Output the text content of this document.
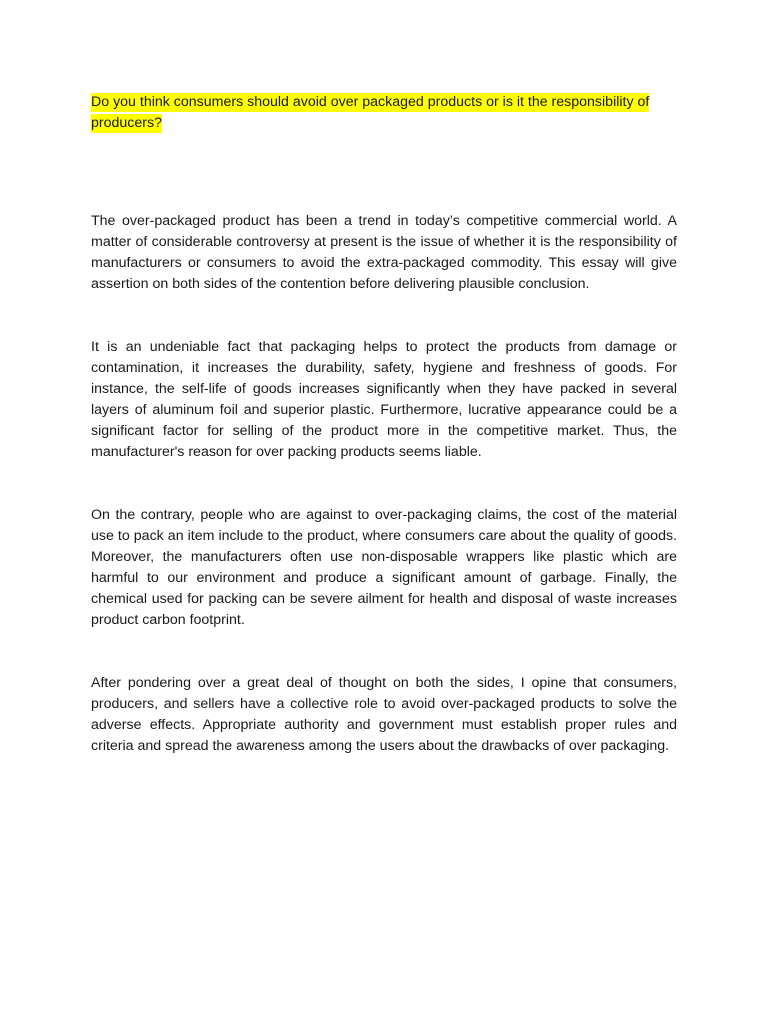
Do you think consumers should avoid over packaged products or is it the responsibility of producers?

The over-packaged product has been a trend in today’s competitive commercial world. A matter of considerable controversy at present is the issue of whether it is the responsibility of manufacturers or consumers to avoid the extra-packaged commodity. This essay will give assertion on both sides of the contention before delivering plausible conclusion.

It is an undeniable fact that packaging helps to protect the products from damage or contamination, it increases the durability, safety, hygiene and freshness of goods. For instance, the self-life of goods increases significantly when they have packed in several layers of aluminum foil and superior plastic. Furthermore, lucrative appearance could be a significant factor for selling of the product more in the competitive market. Thus, the manufacturer's reason for over packing products seems liable.

On the contrary, people who are against to over-packaging claims, the cost of the material use to pack an item include to the product, where consumers care about the quality of goods. Moreover, the manufacturers often use non-disposable wrappers like plastic which are harmful to our environment and produce a significant amount of garbage. Finally, the chemical used for packing can be severe ailment for health and disposal of waste increases product carbon footprint.

After pondering over a great deal of thought on both the sides, I opine that consumers, producers, and sellers have a collective role to avoid over-packaged products to solve the adverse effects. Appropriate authority and government must establish proper rules and criteria and spread the awareness among the users about the drawbacks of over packaging.
